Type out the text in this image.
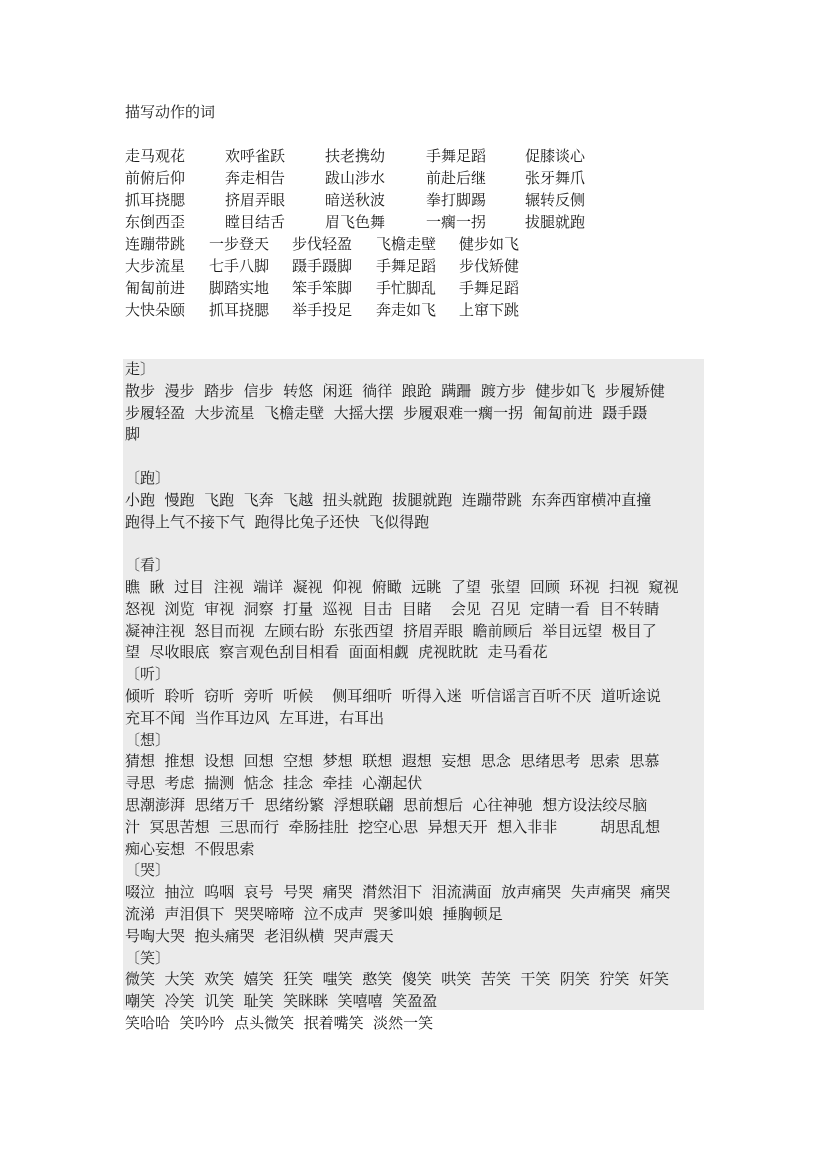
描写动作的词
走马观花	欢呼雀跃	扶老携幼	手舞足蹈	促膝谈心
前俯后仰	奔走相告	跋山涉水	前赴后继	张牙舞爪
抓耳挠腮	挤眉弄眼	暗送秋波	拳打脚踢	辗转反侧
东倒西歪	瞠目结舌	眉飞色舞	一瘸一拐	拔腿就跑
连蹦带跳 一步登天 步伐轻盈 飞檐走壁 健步如飞
大步流星 七手八脚 蹑手蹑脚 手舞足蹈 步伐矫健
匍匐前进 脚踏实地 笨手笨脚 手忙脚乱 手舞足蹈
大快朵颐 抓耳挠腮 举手投足 奔走如飞 上窜下跳
走〕
散步  漫步  踏步  信步  转悠  闲逛  徜徉  踉跄  蹒跚  踱方步  健步如飞  步履矫健
步履轻盈  大步流星  飞檐走壁  大摇大摆  步履艰难一瘸一拐  匍匐前进  蹑手蹑
脚
〔跑〕
小跑  慢跑  飞跑  飞奔  飞越  扭头就跑  拔腿就跑  连蹦带跳  东奔西窜横冲直撞
跑得上气不接下气  跑得比兔子还快  飞似得跑
〔看〕
瞧  瞅  过目  注视  端详  凝视  仰视  俯瞰  远眺  了望  张望  回顾  环视  扫视  窥视
怒视  浏览  审视  洞察  打量  巡视  目击  目睹    会见  召见  定睛一看  目不转睛
凝神注视  怒目而视  左顾右盼  东张西望  挤眉弄眼  瞻前顾后  举目远望  极目了
望  尽收眼底  察言观色刮目相看  面面相觑  虎视眈眈  走马看花
〔听〕
倾听  聆听  窃听  旁听  听候    侧耳细听  听得入迷  听信谣言百听不厌  道听途说
充耳不闻  当作耳边风  左耳进，右耳出
〔想〕
猜想  推想  设想  回想  空想  梦想  联想  遐想  妄想  思念  思绪思考  思索  思慕
寻思  考虑  揣测  惦念  挂念  牵挂  心潮起伏
思潮澎湃  思绪万千  思绪纷繁  浮想联翩  思前想后  心往神驰  想方设法绞尽脑
汁  冥思苦想  三思而行  牵肠挂肚  挖空心思  异想天开  想入非非         胡思乱想
痴心妄想  不假思索
〔哭〕
啜泣  抽泣  呜咽  哀号  号哭  痛哭  潸然泪下  泪流满面  放声痛哭  失声痛哭  痛哭
流涕  声泪俱下  哭哭啼啼  泣不成声  哭爹叫娘  捶胸顿足
号啕大哭  抱头痛哭  老泪纵横  哭声震天
〔笑〕
微笑  大笑  欢笑  嬉笑  狂笑  嗤笑  憨笑  傻笑  哄笑  苦笑  干笑  阴笑  狞笑  奸笑
嘲笑  冷笑  讥笑  耻笑  笑眯眯  笑嘻嘻  笑盈盈
笑哈哈  笑吟吟  点头微笑  抿着嘴笑  淡然一笑
